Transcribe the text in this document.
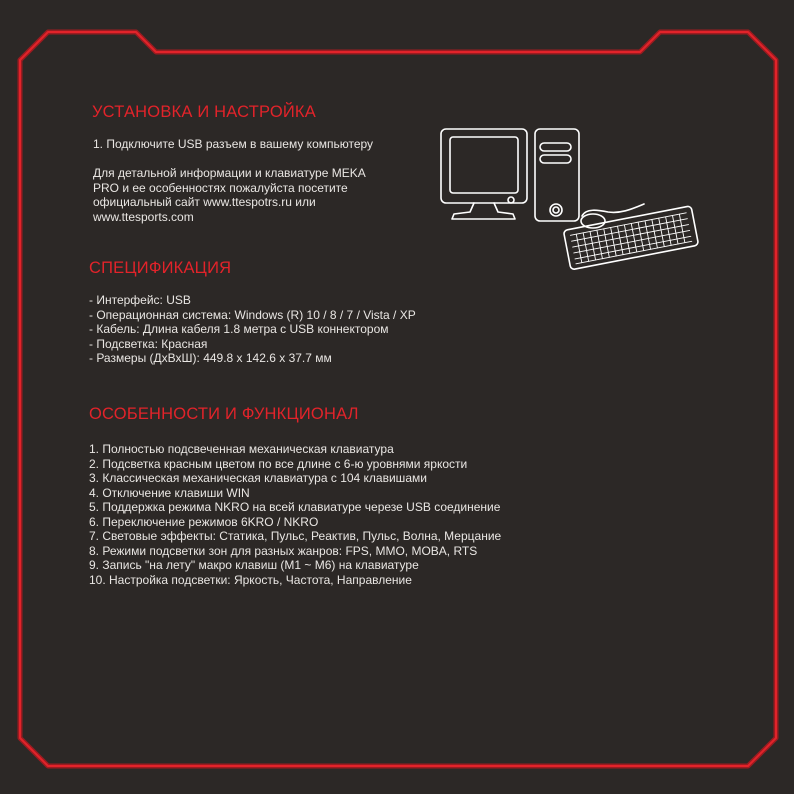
УСТАНОВКА И НАСТРОЙКА
1. Подключите USB разъем в вашему компьютеру
Для детальной информации и клавиатуре MEKA
PRO и ее особенностях пожалуйста посетите
официальный сайт www.ttespotrs.ru или
www.ttesports.com
СПЕЦИФИКАЦИЯ
- Интерфейс: USB
- Операционная система: Windows (R) 10 / 8 / 7 / Vista / XP
- Кабель: Длина кабеля 1.8 метра с USB коннектором
- Подсветка: Красная
- Размеры (ДхВхШ): 449.8 x 142.6 x 37.7 мм
ОСОБЕННОСТИ И ФУНКЦИОНАЛ
1. Полностью подсвеченная механическая клавиатура
2. Подсветка красным цветом по все длине с 6-ю уровнями яркости
3. Классическая механическая клавиатура с 104 клавишами
4. Отключение клавиши WIN
5. Поддержка режима NKRO на всей клавиатуре черезе USB соединение
6. Переключение режимов 6KRO / NKRO
7. Световые эффекты: Статика, Пульс, Реактив, Пульс, Волна, Мерцание
8. Режими подсветки зон для разных жанров: FPS, MMO, MOBA, RTS
9. Запись "на лету" макро клавиш (M1 ~ M6) на клавиатуре
10. Настройка подсветки: Яркость, Частота, Направление
